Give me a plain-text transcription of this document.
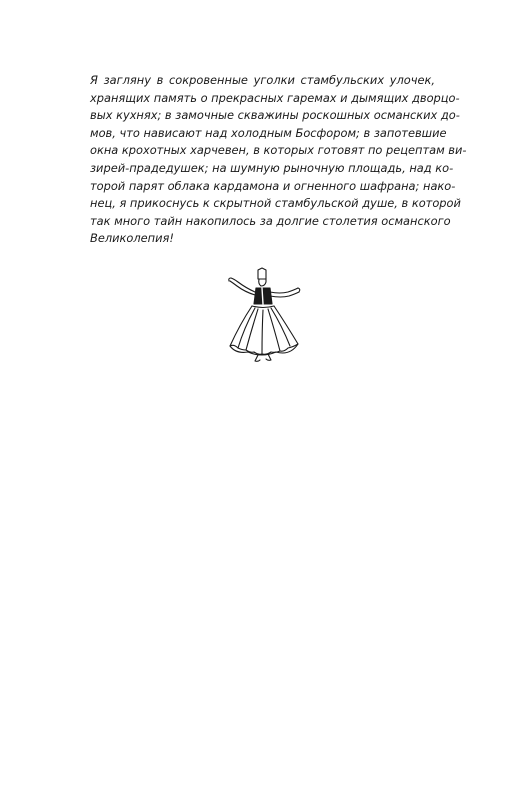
Я загляну в сокровенные уголки стамбульских улочек,
хранящих память о прекрасных гаремах и дымящих дворцо-
вых кухнях; в замочные скважины роскошных османских до-
мов, что нависают над холодным Босфором; в запотевшие
окна крохотных харчевен, в которых готовят по рецептам ви-
зирей-прадедушек; на шумную рыночную площадь, над ко-
торой парят облака кардамона и огненного шафрана; нако-
нец, я прикоснусь к скрытной стамбульской душе, в которой
так много тайн накопилось за долгие столетия османского
Великолепия!
